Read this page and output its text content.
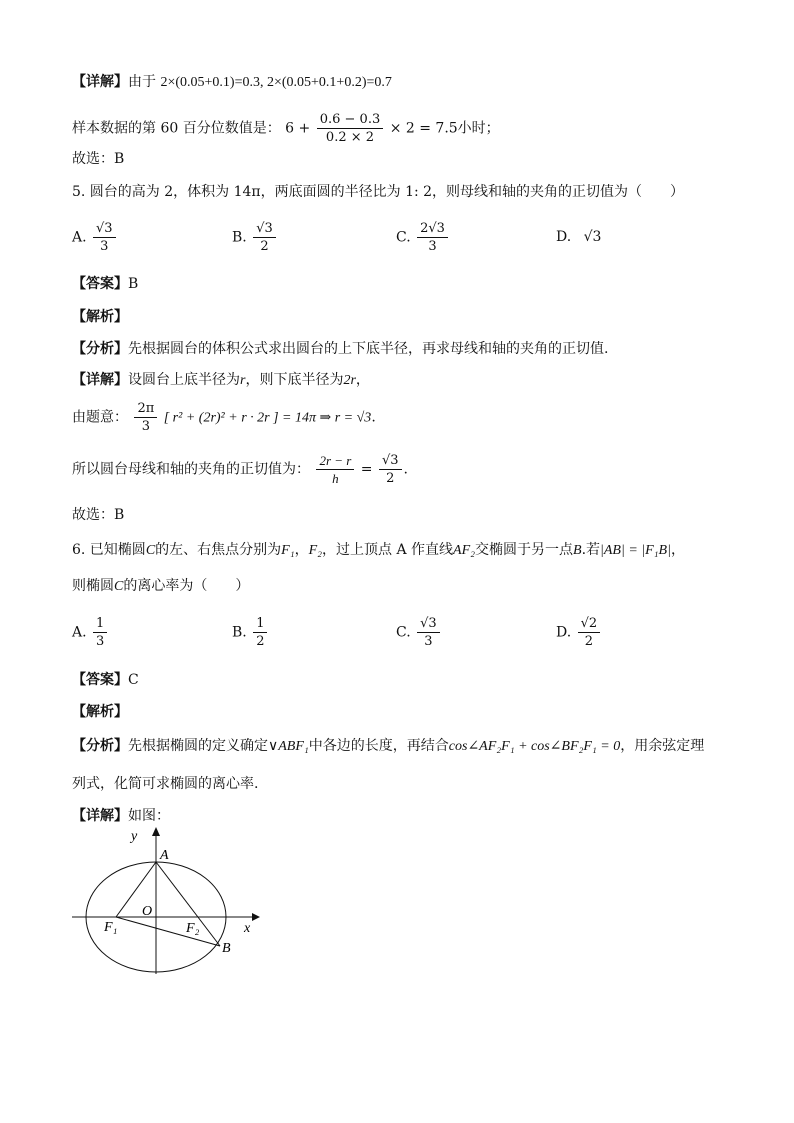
【详解】由于 2×(0.05+0.1)=0.3, 2×(0.05+0.1+0.2)=0.7
样本数据的第 60 百分位数值是： $6 + \frac{0.6 - 0.3}{0.2 \times 2} \times 2 = 7.5$小时；
故选：B
5. 圆台的高为 2，体积为 14π，两底面圆的半径比为 1: 2，则母线和轴的夹角的正切值为（　　）
A. $\frac{√3}{3}$	B. $\frac{√3}{2}$	C. $\frac{2√3}{3}$	D. √3
【答案】B
【解析】
【分析】先根据圆台的体积公式求出圆台的上下底半径，再求母线和轴的夹角的正切值.
【详解】设圆台上底半径为r，则下底半径为2r，
由题意： $\frac{2\pi}{3}$ [ r² + (2r)² + r · 2r ] = 14π ⇒ r = √3.
所以圆台母线和轴的夹角的正切值为： $\frac{2r - r}{h} = \frac{√3}{2}$ .
故选：B
6. 已知椭圆C的左、右焦点分别为F₁，F₂，过上顶点 A 作直线AF₂交椭圆于另一点B.若|AB| = |F₁B|，
则椭圆C的离心率为（　　）
A. $\frac{1}{3}$	B. $\frac{1}{2}$	C. $\frac{√3}{3}$	D. $\frac{√2}{2}$
【答案】C
【解析】
【分析】先根据椭圆的定义确定∨ABF₁中各边的长度，再结合cos∠AF₂F₁ + cos∠BF₂F₁ = 0，用余弦定理
列式，化简可求椭圆的离心率.
【详解】如图：
y
x
A
O
F₁	F₂
B
